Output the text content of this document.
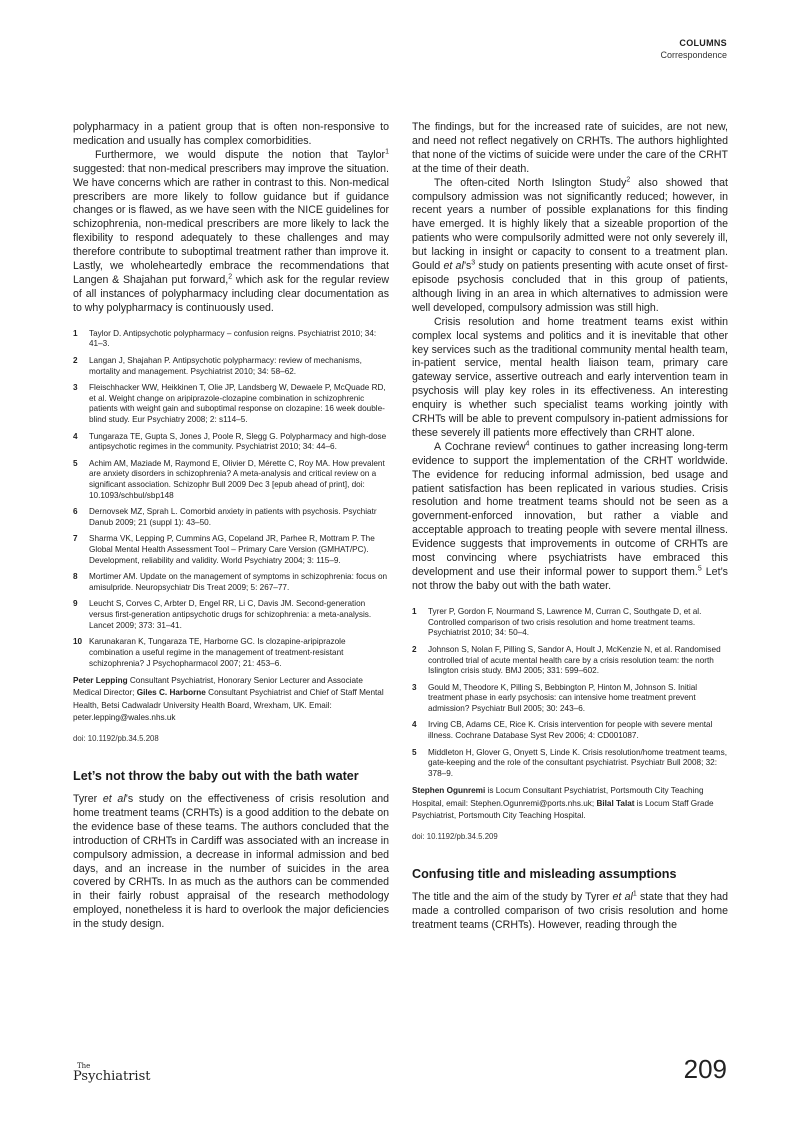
COLUMNS
Correspondence

polypharmacy in a patient group that is often non-responsive to medication and usually has complex comorbidities.

Furthermore, we would dispute the notion that Taylor$^1$ suggested: that non-medical prescribers may improve the situation. We have concerns which are rather in contrast to this. Non-medical prescribers are more likely to follow guidance but if guidance changes or is flawed, as we have seen with the NICE guidelines for schizophrenia, non-medical prescribers are more likely to lack the flexibility to respond adequately to these challenges and may therefore contribute to suboptimal treatment rather than improve it. Lastly, we wholeheartedly embrace the recommendations that Langen & Shajahan put forward,$^2$ which ask for the regular review of all instances of polypharmacy including clear documentation as to why polypharmacy is continuously used.

1	Taylor D. Antipsychotic polypharmacy – confusion reigns. Psychiatrist 2010; 34: 41–3.
2	Langan J, Shajahan P. Antipsychotic polypharmacy: review of mechanisms, mortality and management. Psychiatrist 2010; 34: 58–62.
3	Fleischhacker WW, Heikkinen T, Olie JP, Landsberg W, Dewaele P, McQuade RD, et al. Weight change on aripiprazole-clozapine combination in schizophrenic patients with weight gain and suboptimal response on clozapine: 16 week double-blind study. Eur Psychiatry 2008; 2: s114–5.
4	Tungaraza TE, Gupta S, Jones J, Poole R, Slegg G. Polypharmacy and high-dose antipsychotic regimes in the community. Psychiatrist 2010; 34: 44–6.
5	Achim AM, Maziade M, Raymond E, Olivier D, Mérette C, Roy MA. How prevalent are anxiety disorders in schizophrenia? A meta-analysis and critical review on a significant association. Schizophr Bull 2009 Dec 3 [epub ahead of print], doi: 10.1093/schbul/sbp148
6	Dernovsek MZ, Sprah L. Comorbid anxiety in patients with psychosis. Psychiatr Danub 2009; 21 (suppl 1): 43–50.
7	Sharma VK, Lepping P, Cummins AG, Copeland JR, Parhee R, Mottram P. The Global Mental Health Assessment Tool – Primary Care Version (GMHAT/PC). Development, reliability and validity. World Psychiatry 2004; 3: 115–9.
8	Mortimer AM. Update on the management of symptoms in schizophrenia: focus on amisulpride. Neuropsychiatr Dis Treat 2009; 5: 267–77.
9	Leucht S, Corves C, Arbter D, Engel RR, Li C, Davis JM. Second-generation versus first-generation antipsychotic drugs for schizophrenia: a meta-analysis. Lancet 2009; 373: 31–41.
10 Karunakaran K, Tungaraza TE, Harborne GC. Is clozapine-aripiprazole combination a useful regime in the management of treatment-resistant schizophrenia? J Psychopharmacol 2007; 21: 453–6.

Peter Lepping Consultant Psychiatrist, Honorary Senior Lecturer and Associate Medical Director; Giles C. Harborne Consultant Psychiatrist and Chief of Staff Mental Health, Betsi Cadwaladr University Health Board, Wrexham, UK. Email: peter.lepping@wales.nhs.uk

doi: 10.1192/pb.34.5.208

Let’s not throw the baby out with the bath water

Tyrer et al’s study on the effectiveness of crisis resolution and home treatment teams (CRHTs) is a good addition to the debate on the evidence base of these teams. The authors concluded that the introduction of CRHTs in Cardiff was associated with an increase in compulsory admission, a decrease in informal admission and bed days, and an increase in the number of suicides in the area covered by CRHTs. In as much as the authors can be commended in their fairly robust appraisal of the research methodology employed, nonetheless it is hard to overlook the major deficiencies in the study design.

The findings, but for the increased rate of suicides, are not new, and need not reflect negatively on CRHTs. The authors highlighted that none of the victims of suicide were under the care of the CRHT at the time of their death.

The often-cited North Islington Study$^2$ also showed that compulsory admission was not significantly reduced; however, in recent years a number of possible explanations for this finding have emerged. It is highly likely that a sizeable proportion of the patients who were compulsorily admitted were not only severely ill, but lacking in insight or capacity to consent to a treatment plan. Gould et $al’s^3$ study on patients presenting with acute onset of first-episode psychosis concluded that in this group of patients, although living in an area in which alternatives to admission were well developed, compulsory admission was still high.

Crisis resolution and home treatment teams exist within complex local systems and politics and it is inevitable that other key services such as the traditional community mental health team, in-patient service, mental health liaison team, primary care gateway service, assertive outreach and early intervention team in psychosis will play key roles in its effectiveness. An interesting enquiry is whether such specialist teams working jointly with CRHTs will be able to prevent compulsory in-patient admissions for these severely ill patients more effectively than CRHT alone.

A Cochrane review$^4$ continues to gather increasing long-term evidence to support the implementation of the CRHT worldwide. The evidence for reducing informal admission, bed usage and patient satisfaction has been replicated in various studies. Crisis resolution and home treatment teams should not be seen as a government-enforced innovation, but rather a viable and acceptable approach to treating people with severe mental illness. Evidence suggests that improvements in outcome of CRHTs are most convincing where psychiatrists have embraced this development and use their informal power to support them.$^5$ Let’s not throw the baby out with the bath water.

1	Tyrer P, Gordon F, Nourmand S, Lawrence M, Curran C, Southgate D, et al. Controlled comparison of two crisis resolution and home treatment teams. Psychiatrist 2010; 34: 50–4.
2	Johnson S, Nolan F, Pilling S, Sandor A, Hoult J, McKenzie N, et al. Randomised controlled trial of acute mental health care by a crisis resolution team: the north Islington crisis study. BMJ 2005; 331: 599–602.
3	Gould M, Theodore K, Pilling S, Bebbington P, Hinton M, Johnson S. Initial treatment phase in early psychosis: can intensive home treatment prevent admission? Psychiatr Bull 2005; 30: 243–6.
4	Irving CB, Adams CE, Rice K. Crisis intervention for people with severe mental illness. Cochrane Database Syst Rev 2006; 4: CD001087.
5	Middleton H, Glover G, Onyett S, Linde K. Crisis resolution/home treatment teams, gate-keeping and the role of the consultant psychiatrist. Psychiatr Bull 2008; 32: 378–9.

Stephen Ogunremi is Locum Consultant Psychiatrist, Portsmouth City Teaching Hospital, email: Stephen.Ogunremi@ports.nhs.uk; Bilal Talat is Locum Staff Grade Psychiatrist, Portsmouth City Teaching Hospital.

doi: 10.1192/pb.34.5.209

Confusing title and misleading assumptions

The title and the aim of the study by Tyrer et $al^1$ state that they had made a controlled comparison of two crisis resolution and home treatment teams (CRHTs). However, reading through the

The
Psychiatrist	209
